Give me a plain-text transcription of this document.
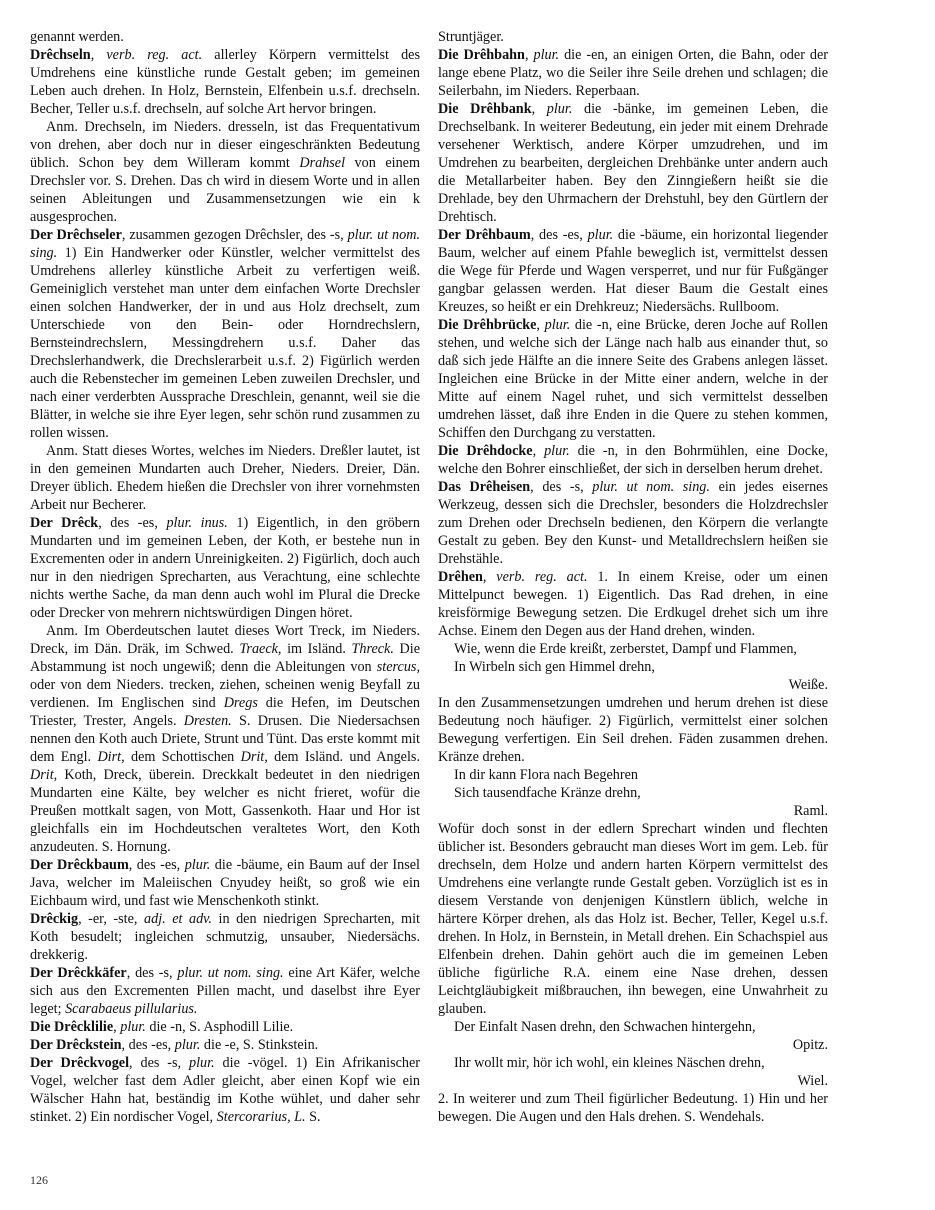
genannt werden.

Drêchseln, verb. reg. act. allerley Körpern vermittelst des Umdrehens eine künstliche runde Gestalt geben; im gemeinen Leben auch drehen. In Holz, Bernstein, Elfenbein u.s.f. drechseln. Becher, Teller u.s.f. drechseln, auf solche Art hervor bringen.

Anm. Drechseln, im Nieders. dresseln, ist das Frequentativum von drehen, aber doch nur in dieser eingeschränkten Bedeutung üblich. Schon bey dem Willeram kommt Drahsel von einem Drechsler vor. S. Drehen. Das ch wird in diesem Worte und in allen seinen Ableitungen und Zusammensetzungen wie ein k ausgesprochen.

Der Drêchseler, zusammen gezogen Drêchsler, des -s, plur. ut nom. sing. 1) Ein Handwerker oder Künstler, welcher vermittelst des Umdrehens allerley künstliche Arbeit zu verfertigen weiß. Gemeiniglich verstehet man unter dem einfachen Worte Drechsler einen solchen Handwerker, der in und aus Holz drechselt, zum Unterschiede von den Bein- oder Horndrechslern, Bernsteindrechslern, Messingdrehern u.s.f. Daher das Drechslerhandwerk, die Drechslerarbeit u.s.f. 2) Figürlich werden auch die Rebenstecher im gemeinen Leben zuweilen Drechsler, und nach einer verderbten Aussprache Dreschlein, genannt, weil sie die Blätter, in welche sie ihre Eyer legen, sehr schön rund zusammen zu rollen wissen.

Anm. Statt dieses Wortes, welches im Nieders. Dreßler lautet, ist in den gemeinen Mundarten auch Dreher, Nieders. Dreier, Dän. Dreyer üblich. Ehedem hießen die Drechsler von ihrer vornehmsten Arbeit nur Becherer.

Der Drêck, des -es, plur. inus. 1) Eigentlich, in den gröbern Mundarten und im gemeinen Leben, der Koth, er bestehe nun in Excrementen oder in andern Unreinigkeiten. 2) Figürlich, doch auch nur in den niedrigen Sprecharten, aus Verachtung, eine schlechte nichts werthe Sache, da man denn auch wohl im Plural die Drecke oder Drecker von mehrern nichtswürdigen Dingen höret.

Anm. Im Oberdeutschen lautet dieses Wort Treck, im Nieders. Dreck, im Dän. Dräk, im Schwed. Traeck, im Isländ. Threck. Die Abstammung ist noch ungewiß; denn die Ableitungen von stercus, oder von dem Nieders. trecken, ziehen, scheinen wenig Beyfall zu verdienen. Im Englischen sind Dregs die Hefen, im Deutschen Triester, Trester, Angels. Dresten. S. Drusen. Die Niedersachsen nennen den Koth auch Driete, Strunt und Tünt. Das erste kommt mit dem Engl. Dirt, dem Schottischen Drit, dem Isländ. und Angels. Drit, Koth, Dreck, überein. Dreckkalt bedeutet in den niedrigen Mundarten eine Kälte, bey welcher es nicht frieret, wofür die Preußen mottkalt sagen, von Mott, Gassenkoth. Haar und Hor ist gleichfalls ein im Hochdeutschen veraltetes Wort, den Koth anzudeuten. S. Hornung.

Der Drêckbaum, des -es, plur. die -bäume, ein Baum auf der Insel Java, welcher im Maleiischen Cnyudey heißt, so groß wie ein Eichbaum wird, und fast wie Menschenkoth stinkt.

Drêckig, -er, -ste, adj. et adv. in den niedrigen Sprecharten, mit Koth besudelt; ingleichen schmutzig, unsauber, Niedersächs. drekkerig.

Der Drêckkäfer, des -s, plur. ut nom. sing. eine Art Käfer, welche sich aus den Excrementen Pillen macht, und daselbst ihre Eyer leget; Scarabaeus pillularius.

Die Drêcklilie, plur. die -n, S. Asphodill Lilie.

Der Drêckstein, des -es, plur. die -e, S. Stinkstein.

Der Drêckvogel, des -s, plur. die -vögel. 1) Ein Afrikanischer Vogel, welcher fast dem Adler gleicht, aber einen Kopf wie ein Wälscher Hahn hat, beständig im Kothe wühlet, und daher sehr stinket. 2) Ein nordischer Vogel, Stercorarius, L. S.

Struntjäger.

Die Drêhbahn, plur. die -en, an einigen Orten, die Bahn, oder der lange ebene Platz, wo die Seiler ihre Seile drehen und schlagen; die Seilerbahn, im Nieders. Reperbaan.

Die Drêhbank, plur. die -bänke, im gemeinen Leben, die Drechselbank. In weiterer Bedeutung, ein jeder mit einem Drehrade versehener Werktisch, andere Körper umzudrehen, und im Umdrehen zu bearbeiten, dergleichen Drehbänke unter andern auch die Metallarbeiter haben. Bey den Zinngießern heißt sie die Drehlade, bey den Uhrmachern der Drehstuhl, bey den Gürtlern der Drehtisch.

Der Drêhbaum, des -es, plur. die -bäume, ein horizontal liegender Baum, welcher auf einem Pfahle beweglich ist, vermittelst dessen die Wege für Pferde und Wagen versperret, und nur für Fußgänger gangbar gelassen werden. Hat dieser Baum die Gestalt eines Kreuzes, so heißt er ein Drehkreuz; Niedersächs. Rullboom.

Die Drêhbrücke, plur. die -n, eine Brücke, deren Joche auf Rollen stehen, und welche sich der Länge nach halb aus einander thut, so daß sich jede Hälfte an die innere Seite des Grabens anlegen lässet. Ingleichen eine Brücke in der Mitte einer andern, welche in der Mitte auf einem Nagel ruhet, und sich vermittelst desselben umdrehen lässet, daß ihre Enden in die Quere zu stehen kommen, Schiffen den Durchgang zu verstatten.

Die Drêhdocke, plur. die -n, in den Bohrmühlen, eine Docke, welche den Bohrer einschließet, der sich in derselben herum drehet.

Das Drêheisen, des -s, plur. ut nom. sing. ein jedes eisernes Werkzeug, dessen sich die Drechsler, besonders die Holzdrechsler zum Drehen oder Drechseln bedienen, den Körpern die verlangte Gestalt zu geben. Bey den Kunst- und Metalldrechslern heißen sie Drehstähle.

Drêhen, verb. reg. act. 1. In einem Kreise, oder um einen Mittelpunct bewegen. 1) Eigentlich. Das Rad drehen, in eine kreisförmige Bewegung setzen. Die Erdkugel drehet sich um ihre Achse. Einem den Degen aus der Hand drehen, winden.

Wie, wenn die Erde kreißt, zerberstet, Dampf und Flammen,

In Wirbeln sich gen Himmel drehn,

Weiße.

In den Zusammensetzungen umdrehen und herum drehen ist diese Bedeutung noch häufiger. 2) Figürlich, vermittelst einer solchen Bewegung verfertigen. Ein Seil drehen. Fäden zusammen drehen. Kränze drehen.

In dir kann Flora nach Begehren

Sich tausendfache Kränze drehn,

Raml.

Wofür doch sonst in der edlern Sprechart winden und flechten üblicher ist. Besonders gebraucht man dieses Wort im gem. Leb. für drechseln, dem Holze und andern harten Körpern vermittelst des Umdrehens eine verlangte runde Gestalt geben. Vorzüglich ist es in diesem Verstande von denjenigen Künstlern üblich, welche in härtere Körper drehen, als das Holz ist. Becher, Teller, Kegel u.s.f. drehen. In Holz, in Bernstein, in Metall drehen. Ein Schachspiel aus Elfenbein drehen. Dahin gehört auch die im gemeinen Leben übliche figürliche R.A. einem eine Nase drehen, dessen Leichtgläubigkeit mißbrauchen, ihn bewegen, eine Unwahrheit zu glauben.

Der Einfalt Nasen drehn, den Schwachen hintergehn,

Opitz.

Ihr wollt mir, hör ich wohl, ein kleines Näschen drehn,

Wiel.

2. In weiterer und zum Theil figürlicher Bedeutung. 1) Hin und her bewegen. Die Augen und den Hals drehen. S. Wendehals.

126
